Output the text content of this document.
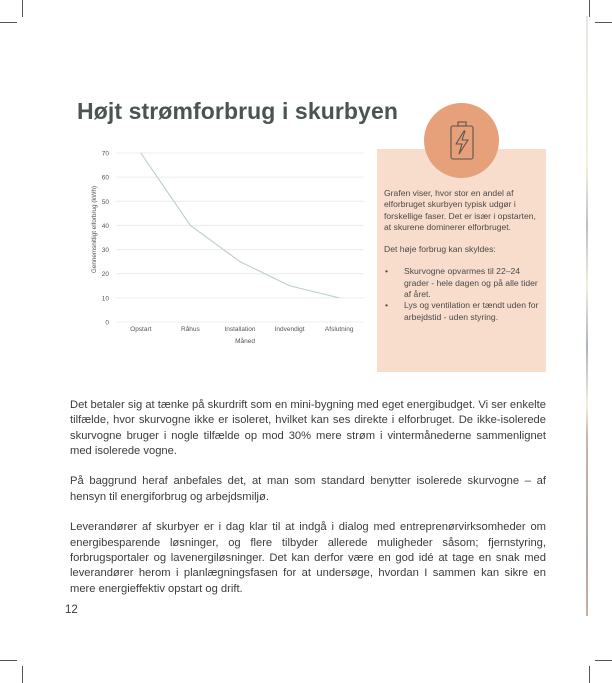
Højt strømforbrug i skurbyen
0
10
20
30
40
50
60
70
Opstart	Råhus	Installation	Indvendigt	Afslutning
Måned
Gennemsnitligt elforbrug (kWh)	Grafen viser, hvor stor en andel af elforbruget skurbyen typisk udgør i forskellige faser. Det er især i opstarten, at skurene dominerer elforbruget.

Det høje forbrug kan skyldes:

• Skurvogne opvarmes til 22–24 grader - hele dagen og på alle tider af året.
• Lys og ventilation er tændt uden for arbejdstid - uden styring.

Det betaler sig at tænke på skurdrift som en mini-bygning med eget energibudget. Vi ser enkelte tilfælde, hvor skurvogne ikke er isoleret, hvilket kan ses direkte i elforbruget. De ikke-isolerede skurvogne bruger i nogle tilfælde op mod 30% mere strøm i vintermånederne sammenlignet med isolerede vogne.

På baggrund heraf anbefales det, at man som standard benytter isolerede skurvogne – af hensyn til energiforbrug og arbejdsmiljø.

Leverandører af skurbyer er i dag klar til at indgå i dialog med entreprenørvirksomheder om energibesparende løsninger, og flere tilbyder allerede muligheder såsom; fjernstyring, forbrugsportaler og lavenergiløsninger. Det kan derfor være en god idé at tage en snak med leverandører herom i planlægningsfasen for at undersøge, hvordan I sammen kan sikre en mere energieffektiv opstart og drift.

12
